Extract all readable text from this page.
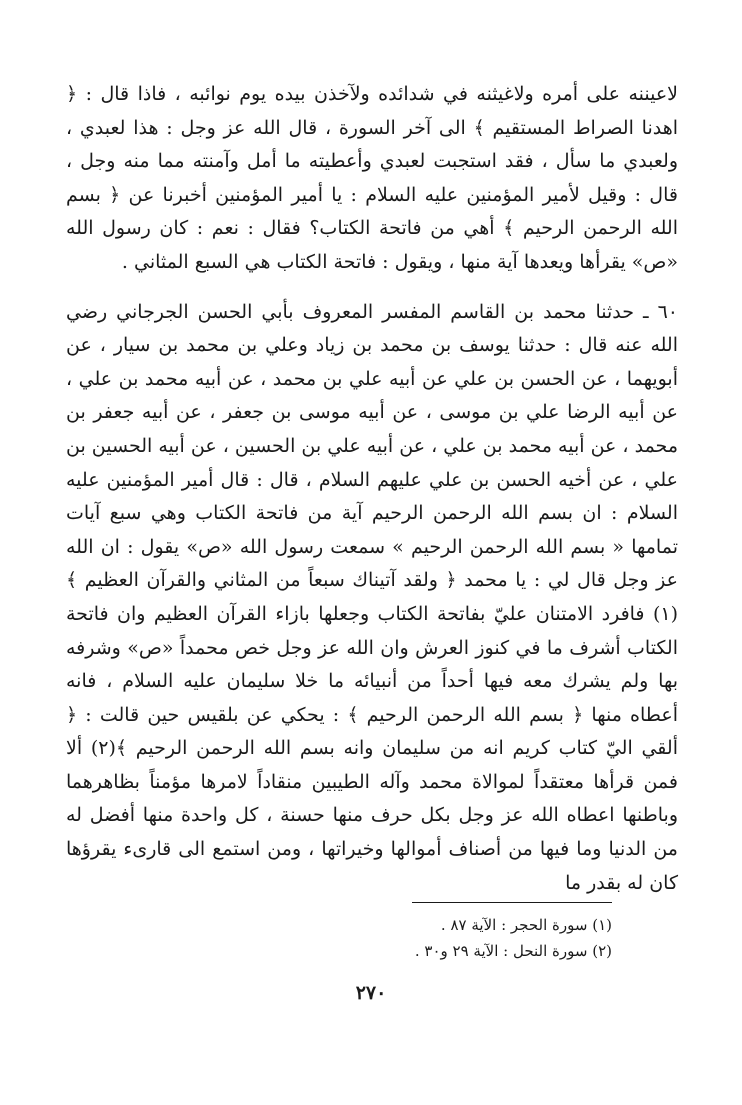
لاعيننه على أمره ولاغيثنه في شدائده ولآخذن بيده يوم نوائبه ، فاذا قال : ﴿ اهدنا الصراط المستقيم ﴾ الى آخر السورة ، قال الله عز وجل : هذا لعبدي ، ولعبدي ما سأل ، فقد استجبت لعبدي وأعطيته ما أمل وآمنته مما منه وجل ، قال : وقيل لأمير المؤمنين عليه السلام : يا أمير المؤمنين أخبرنا عن ﴿ بسم الله الرحمن الرحيم ﴾ أهي من فاتحة الكتاب؟ فقال : نعم : كان رسول الله «ص» يقرأها ويعدها آية منها ، ويقول : فاتحة الكتاب هي السبع المثاني .

٦٠ ـ حدثنا محمد بن القاسم المفسر المعروف بأبي الحسن الجرجاني رضي الله عنه قال : حدثنا يوسف بن محمد بن زياد وعلي بن محمد بن سيار ، عن أبويهما ، عن الحسن بن علي عن أبيه علي بن محمد ، عن أبيه محمد بن علي ، عن أبيه الرضا علي بن موسى ، عن أبيه موسى بن جعفر ، عن أبيه جعفر بن محمد ، عن أبيه محمد بن علي ، عن أبيه علي بن الحسين ، عن أبيه الحسين بن علي ، عن أخيه الحسن بن علي عليهم السلام ، قال : قال أمير المؤمنين عليه السلام : ان بسم الله الرحمن الرحيم آية من فاتحة الكتاب وهي سبع آيات تمامها « بسم الله الرحمن الرحيم » سمعت رسول الله «ص» يقول : ان الله عز وجل قال لي : يا محمد ﴿ ولقد آتيناك سبعاً من المثاني والقرآن العظيم ﴾(١) فافرد الامتنان عليّ بفاتحة الكتاب وجعلها بازاء القرآن العظيم وان فاتحة الكتاب أشرف ما في كنوز العرش وان الله عز وجل خص محمداً «ص» وشرفه بها ولم يشرك معه فيها أحداً من أنبيائه ما خلا سليمان عليه السلام ، فانه أعطاه منها ﴿ بسم الله الرحمن الرحيم ﴾ : يحكي عن بلقيس حين قالت : ﴿ ألقي اليّ كتاب كريم انه من سليمان وانه بسم الله الرحمن الرحيم ﴾(٢) ألا فمن قرأها معتقداً لموالاة محمد وآله الطيبين منقاداً لامرها مؤمناً بظاهرهما وباطنها اعطاه الله عز وجل بكل حرف منها حسنة ، كل واحدة منها أفضل له من الدنيا وما فيها من أصناف أموالها وخيراتها ، ومن استمع الى قارىء يقرؤها كان له بقدر ما

(١) سورة الحجر : الآية ٨٧ .
(٢) سورة النحل : الآية ٢٩ و٣٠ .
٢٧٠
